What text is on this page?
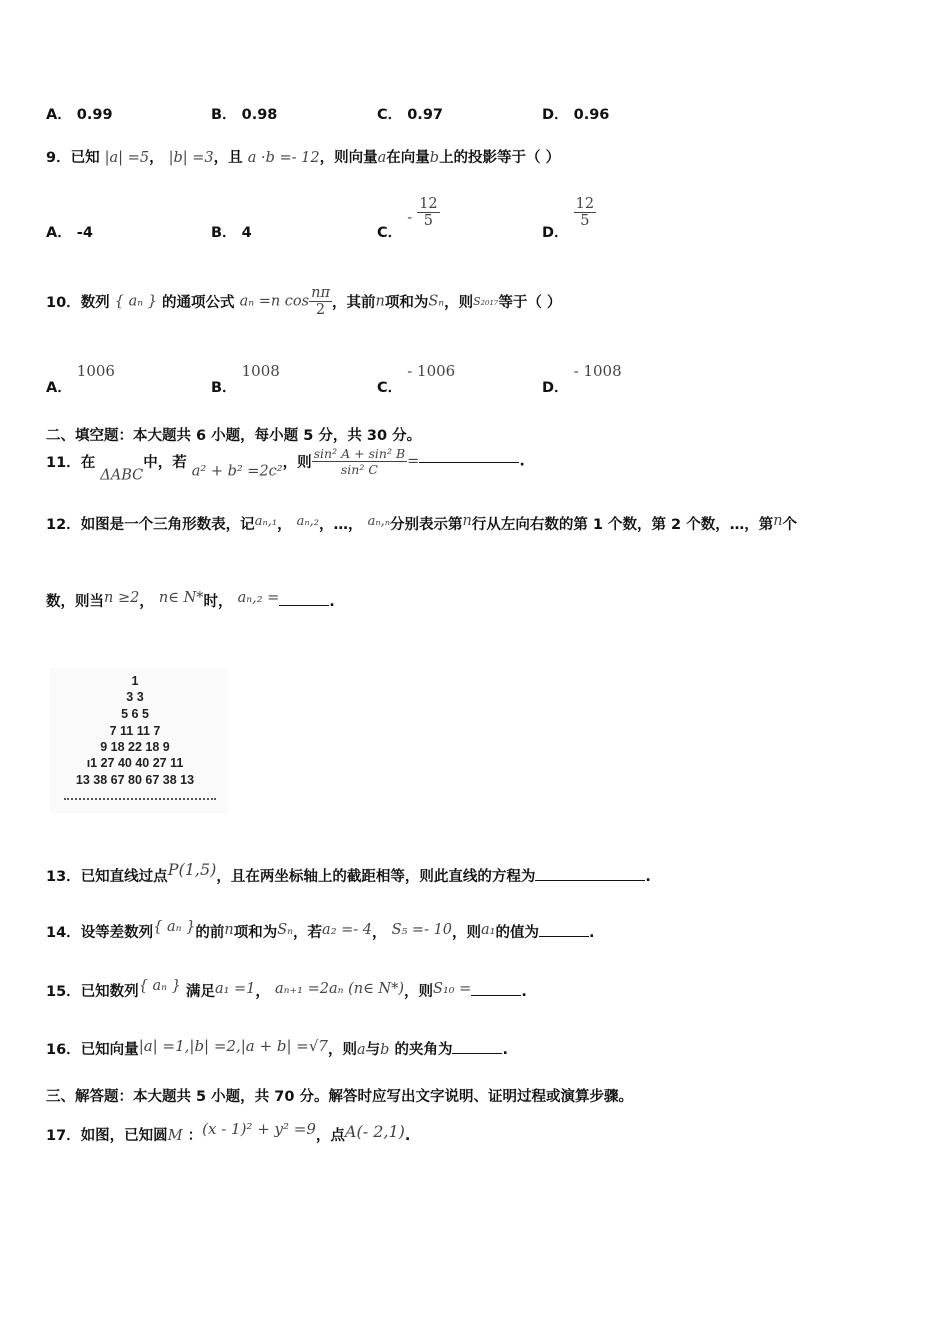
A． 0.99	B． 0.98	C． 0.97	D． 0.96
9．已知 |a| =5， |b| =3，且 a ·b =- 12，则向量a在向量b上的投影等于（ ）
A． -4	B． 4	C． - $\frac{12}{5}$
D．
$\frac{12}{5}$
10．数列 { aₙ } 的通项公式 aₙ =n $\cos \frac{n\pi}{2}$ ，其前n项和为Sₙ，则S₂₀₁₇等于（ ）
A． 1006
B． 1008
C． - 1006
D． - 1008
二、填空题：本大题共 6 小题，每小题 5 分，共 30 分。
11．在 ΔABC中，若 a² + b² =2c²，则 $\frac{\text{sin² A + sin² B}}{\text{sin² C}}$ =	.
12．如图是一个三角形数表，记aₙ,₁， aₙ,₂，…， aₙ,ₙ分别表示第n行从左向右数的第 1 个数，第 2 个数，…，第n个
数，则当n ≥2， n∈ N*时， aₙ,₂ =	.
1
3 3
5 6 5
7 11 11 7
9 18 22 18 9
ı1 27 40 40 27 11
13 38 67 80 67 38 13
13．已知直线过点P(1,5)，且在两坐标轴上的截距相等，则此直线的方程为	.
14．设等差数列{ aₙ }的前n项和为Sₙ，若a₂ =- 4， S₅ =- 10，则a₁的值为	.
15．已知数列{ aₙ } 满足a₁ =1， aₙ₊₁ =2aₙ (n∈ N*)，则S₁₀ =	.
16．已知向量|a| =1,|b| =2,|a + b| =√7，则a与b 的夹角为	.
三、解答题：本大题共 5 小题，共 70 分。解答时应写出文字说明、证明过程或演算步骤。
17．如图，已知圆M ：(x - 1)² + y² =9，点A(- 2,1).
